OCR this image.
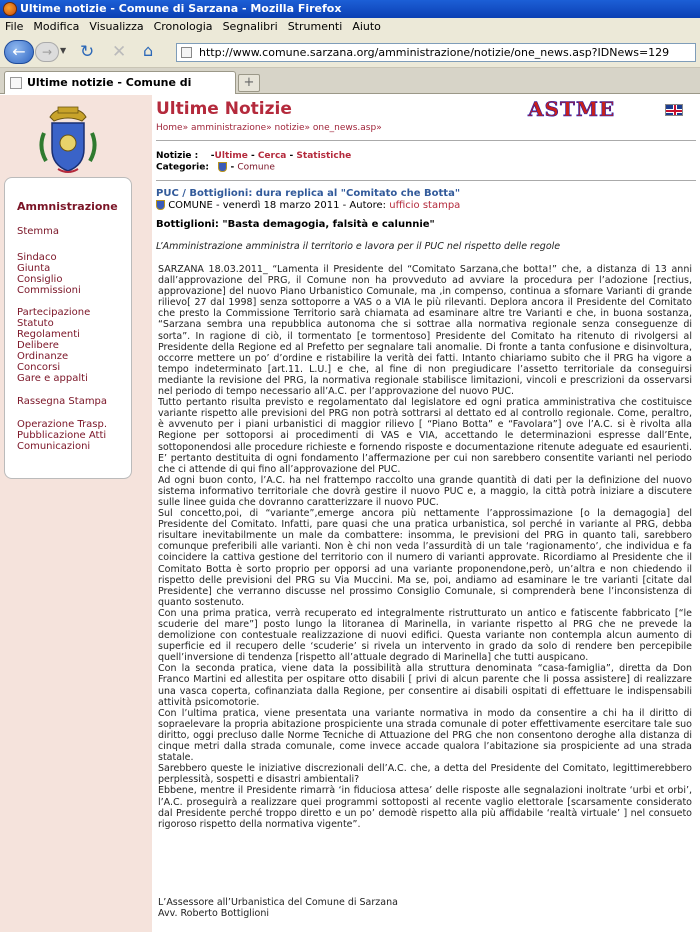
Ultime notizie - Comune di Sarzana - Mozilla Firefox
File Modifica Visualizza Cronologia Segnalibri Strumenti Aiuto
←	→ ▼ ↻	✕	⌂	http://www.comune.sarzana.org/amministrazione/notizie/one_news.asp?IDNews=129
Ultime notizie - Comune di	+
Ammnistrazione
Stemma
Sindaco
Giunta
Consiglio
Commissioni
Partecipazione
Statuto
Regolamenti
Delibere
Ordinanze
Concorsi
Gare e appalti
Rassegna Stampa
Operazione Trasp.
Pubblicazione Atti
Comunicazioni
Ultime Notizie	ASTME
Home» amministrazione» notizie» one_news.asp»
Notizie :    -Ultime - Cerca - Statistiche
Categorie:    - Comune
PUC / Bottiglioni: dura replica al "Comitato che Botta"
COMUNE - venerdì 18 marzo 2011 - Autore: ufficio stampa
Bottiglioni: "Basta demagogia, falsità e calunnie"
L’Amministrazione amministra il territorio e lavora per il PUC nel rispetto delle regole

SARZANA 18.03.2011_ “Lamenta il Presidente del “Comitato Sarzana,che botta!” che, a distanza di 13 anni dall’approvazione del PRG, il Comune non ha provveduto ad avviare la procedura per l’adozione [rectius, approvazione] del nuovo Piano Urbanistico Comunale, ma ,in compenso, continua a sfornare Varianti di grande rilievo[ 27 dal 1998] senza sottoporre a VAS o a VIA le più rilevanti. Deplora ancora il Presidente del Comitato che presto la Commissione Territorio sarà chiamata ad esaminare altre tre Varianti e che, in buona sostanza, “Sarzana sembra una repubblica autonoma che si sottrae alla normativa regionale senza conseguenze di sorta”. In ragione di ciò, il tormentato [e tormentoso] Presidente del Comitato ha ritenuto di rivolgersi al Presidente della Regione ed al Prefetto per segnalare tali anomalie. Di fronte a tanta confusione e disinvoltura, occorre mettere un po’ d’ordine e ristabilire la verità dei fatti. Intanto chiariamo subito che il PRG ha vigore a tempo indeterminato [art.11. L.U.] e che, al fine di non pregiudicare l’assetto territoriale da conseguirsi mediante la revisione del PRG, la normativa regionale stabilisce limitazioni, vincoli e prescrizioni da osservarsi nel periodo di tempo necessario all’A.C. per l’approvazione del nuovo PUC.

Tutto pertanto risulta previsto e regolamentato dal legislatore ed ogni pratica amministrativa che costituisce variante rispetto alle previsioni del PRG non potrà sottrarsi al dettato ed al controllo regionale. Come, peraltro, è avvenuto per i piani urbanistici di maggior rilievo [ “Piano Botta” e “Favolara”] ove l’A.C. si è rivolta alla Regione per sottoporsi ai procedimenti di VAS e VIA, accettando le determinazioni espresse dall’Ente, sottoponendosi alle procedure richieste e fornendo risposte e documentazione ritenute adeguate ed esaurienti. E’ pertanto destituita di ogni fondamento l’affermazione per cui non sarebbero consentite varianti nel periodo che ci attende di qui fino all’approvazione del PUC.

Ad ogni buon conto, l’A.C. ha nel frattempo raccolto una grande quantità di dati per la definizione del nuovo sistema informativo territoriale che dovrà gestire il nuovo PUC e, a maggio, la città potrà iniziare a discutere sulle linee guida che dovranno caratterizzare il nuovo PUC.

Sul concetto,poi, di “variante”,emerge ancora più nettamente l’approssimazione [o la demagogia] del Presidente del Comitato. Infatti, pare quasi che una pratica urbanistica, sol perché in variante al PRG, debba risultare inevitabilmente un male da combattere: insomma, le previsioni del PRG in quanto tali, sarebbero comunque preferibili alle varianti. Non è chi non veda l’assurdità di un tale ‘ragionamento’, che individua e fa coincidere la cattiva gestione del territorio con il numero di varianti approvate. Ricordiamo al Presidente che il Comitato Botta è sorto proprio per opporsi ad una variante proponendone,però, un’altra e non chiedendo il rispetto delle previsioni del PRG su Via Muccini. Ma se, poi, andiamo ad esaminare le tre varianti [citate dal Presidente] che verranno discusse nel prossimo Consiglio Comunale, si comprenderà bene l’inconsistenza di quanto sostenuto.

Con una prima pratica, verrà recuperato ed integralmente ristrutturato un antico e fatiscente fabbricato [“le scuderie del mare”] posto lungo la litoranea di Marinella, in variante rispetto al PRG che ne prevede la demolizione con contestuale realizzazione di nuovi edifici. Questa variante non contempla alcun aumento di superficie ed il recupero delle ‘scuderie’ si rivela un intervento in grado da solo di rendere ben percepibile quell’inversione di tendenza [rispetto all’attuale degrado di Marinella] che tutti auspicano.

Con la seconda pratica, viene data la possibilità alla struttura denominata “casa-famiglia”, diretta da Don Franco Martini ed allestita per ospitare otto disabili [ privi di alcun parente che li possa assistere] di realizzare una vasca coperta, cofinanziata dalla Regione, per consentire ai disabili ospitati di effettuare le indispensabili attività psicomotorie.

Con l’ultima pratica, viene presentata una variante normativa in modo da consentire a chi ha il diritto di sopraelevare la propria abitazione prospiciente una strada comunale di poter effettivamente esercitare tale suo diritto, oggi precluso dalle Norme Tecniche di Attuazione del PRG che non consentono deroghe alla distanza di cinque metri dalla strada comunale, come invece accade qualora l’abitazione sia prospiciente ad una strada statale.

Sarebbero queste le iniziative discrezionali dell’A.C. che, a detta del Presidente del Comitato, legittimerebbero perplessità, sospetti e disastri ambientali?

Ebbene, mentre il Presidente rimarrà ‘in fiduciosa attesa’ delle risposte alle segnalazioni inoltrate ‘urbi et orbi’, l’A.C. proseguirà a realizzare quei programmi sottoposti al recente vaglio elettorale [scarsamente considerato dal Presidente perché troppo diretto e un po’ demodè rispetto alla più affidabile ‘realtà virtuale’ ] nel consueto rigoroso rispetto della normativa vigente”.

L’Assessore all’Urbanistica del Comune di Sarzana
Avv. Roberto Bottiglioni
